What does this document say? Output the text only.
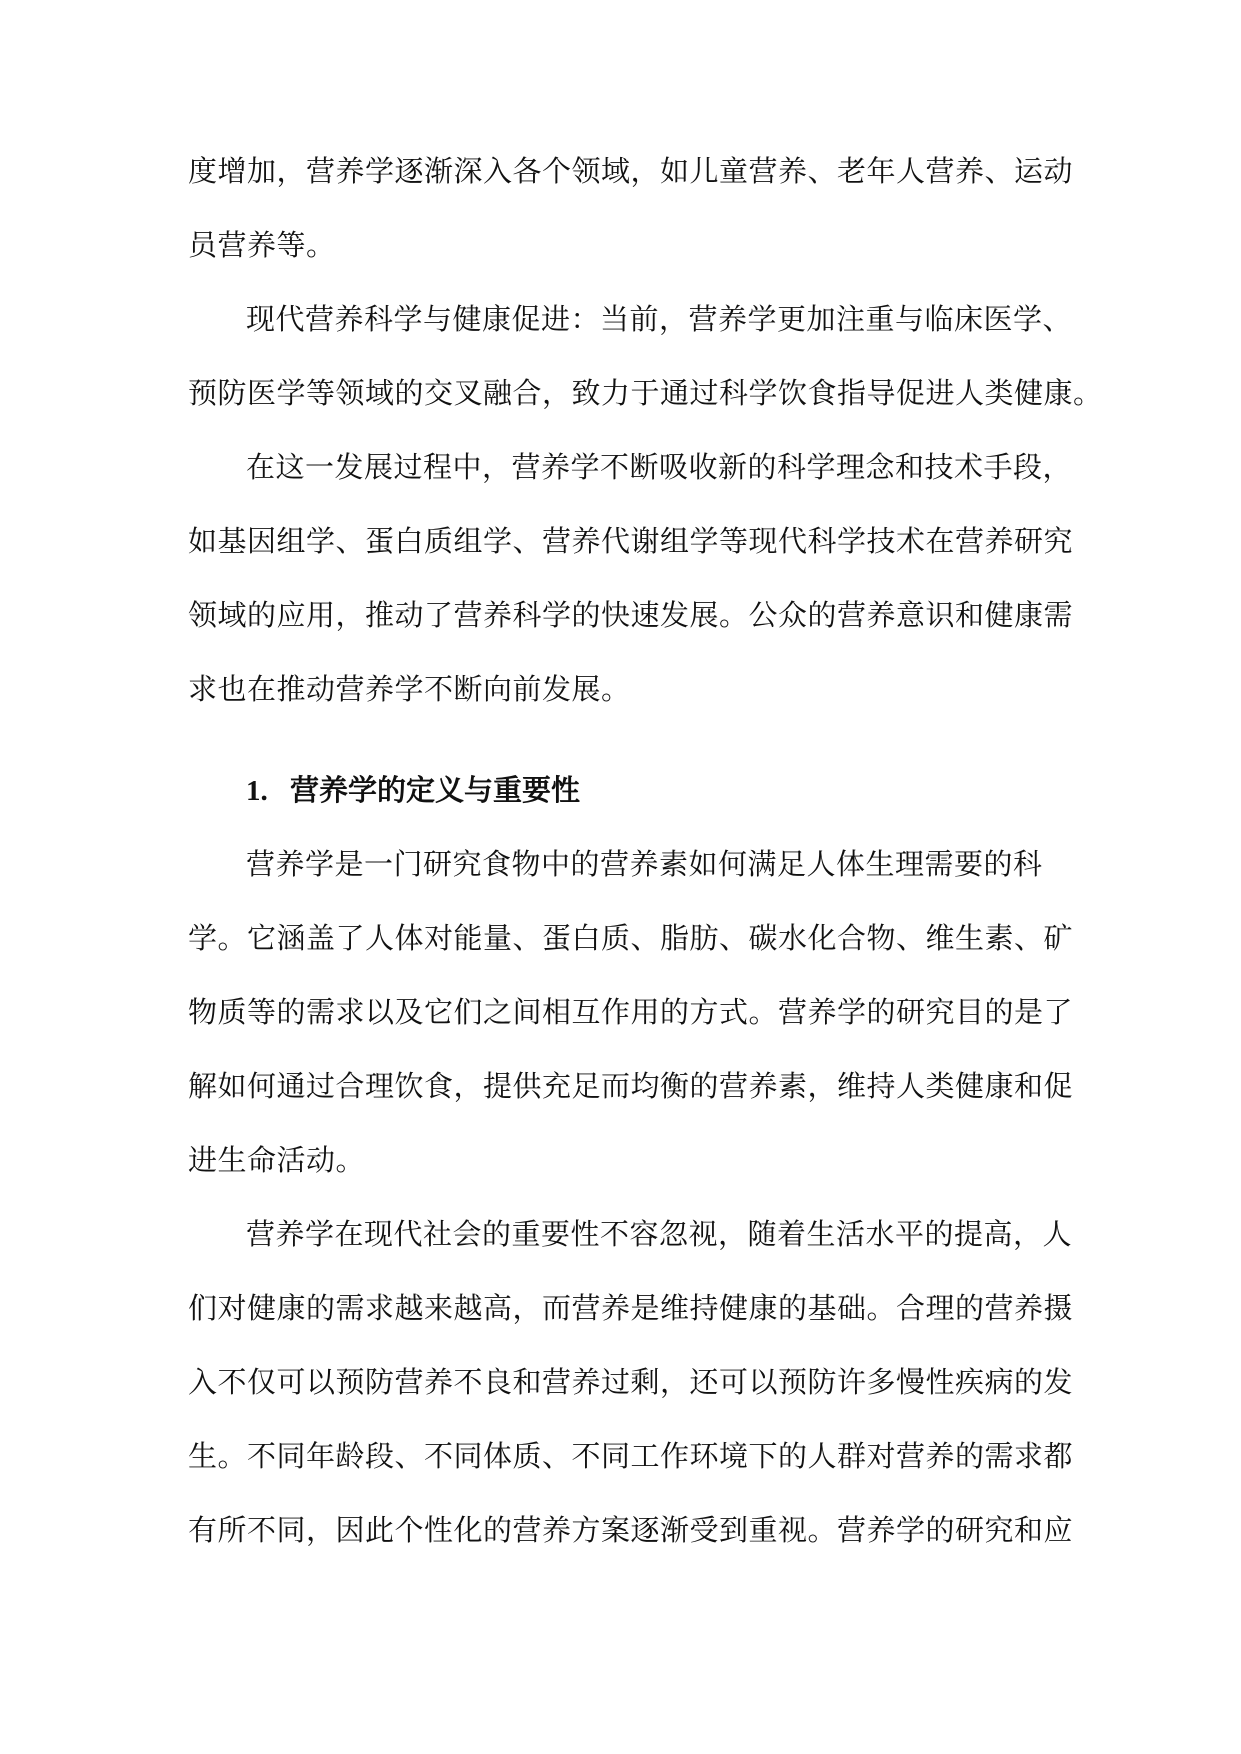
度增加，营养学逐渐深入各个领域，如儿童营养、老年人营养、运动
员营养等。
现代营养科学与健康促进：当前，营养学更加注重与临床医学、
预防医学等领域的交叉融合，致力于通过科学饮食指导促进人类健康。
在这一发展过程中，营养学不断吸收新的科学理念和技术手段，
如基因组学、蛋白质组学、营养代谢组学等现代科学技术在营养研究
领域的应用，推动了营养科学的快速发展。公众的营养意识和健康需
求也在推动营养学不断向前发展。
1. 营养学的定义与重要性
营养学是一门研究食物中的营养素如何满足人体生理需要的科
学。它涵盖了人体对能量、蛋白质、脂肪、碳水化合物、维生素、矿
物质等的需求以及它们之间相互作用的方式。营养学的研究目的是了
解如何通过合理饮食，提供充足而均衡的营养素，维持人类健康和促
进生命活动。
营养学在现代社会的重要性不容忽视，随着生活水平的提高，人
们对健康的需求越来越高，而营养是维持健康的基础。合理的营养摄
入不仅可以预防营养不良和营养过剩，还可以预防许多慢性疾病的发
生。不同年龄段、不同体质、不同工作环境下的人群对营养的需求都
有所不同，因此个性化的营养方案逐渐受到重视。营养学的研究和应
